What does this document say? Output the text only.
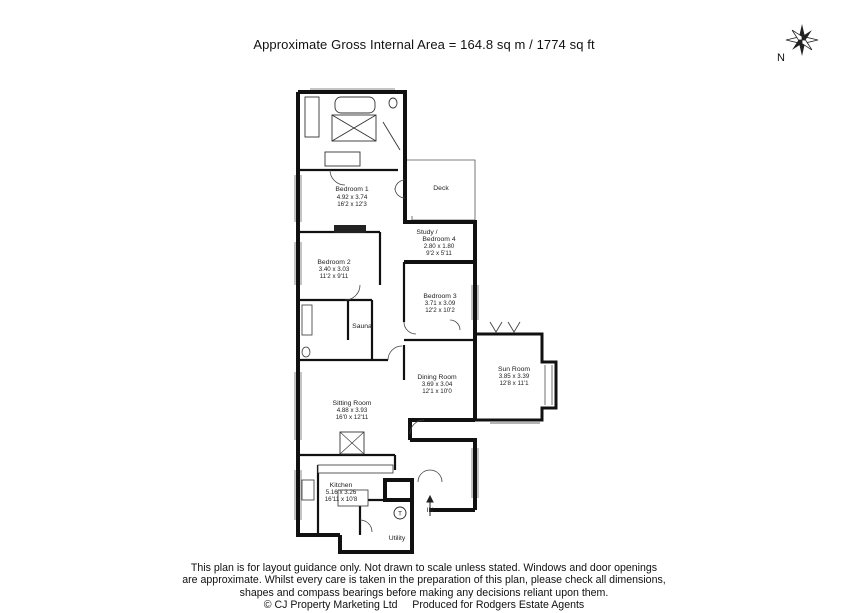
Approximate Gross Internal Area = 164.8 sq m / 1774 sq ft
N
Bedroom 1
4.92 x 3.74
16'2 x 12'3
Deck
Study /
Bedroom 4
2.80 x 1.80
9'2 x 5'11
Bedroom 2
3.40 x 3.03
11'2 x 9'11
Bedroom 3
3.71 x 3.09
12'2 x 10'2
Sauna
Dining Room
3.69 x 3.04
12'1 x 10'0
Sun Room
3.85 x 3.39
12'8 x 11'1
Sitting Room
4.88 x 3.93
16'0 x 12'11
Kitchen
5.16 x 3.26
16'11 x 10'8
Utility
T	IN
This plan is for layout guidance only. Not drawn to scale unless stated. Windows and door openings
are approximate. Whilst every care is taken in the preparation of this plan, please check all dimensions,
shapes and compass bearings before making any decisions reliant upon them.
© CJ Property Marketing Ltd     Produced for Rodgers Estate Agents
